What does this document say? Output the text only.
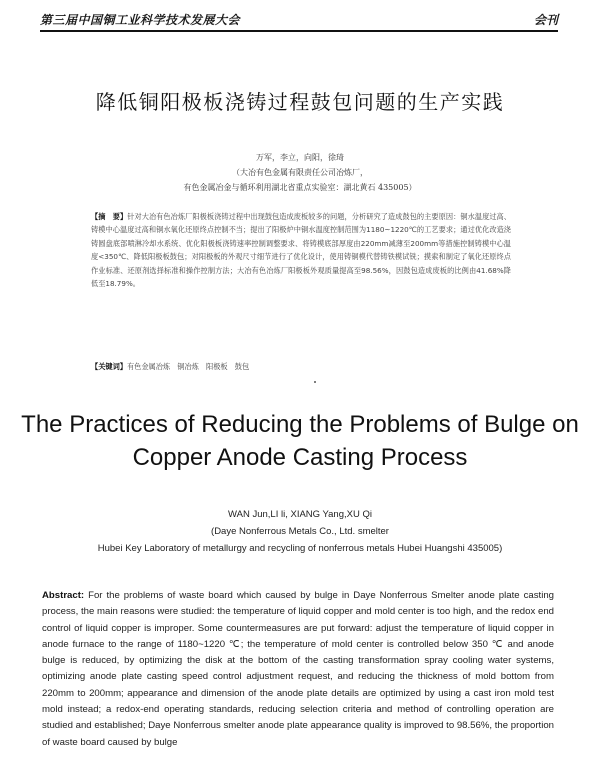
第三届中国铜工业科学技术发展大会	会刊
降低铜阳极板浇铸过程鼓包问题的生产实践
万军，李立，向阳，徐琦
（大冶有色金属有限责任公司冶炼厂，
有色金属冶金与循环利用湖北省重点实验室：湖北黄石 435005）
【摘　要】针对大冶有色冶炼厂阳极板浇铸过程中出现鼓包造成废板较多的问题，分析研究了造成鼓包的主要原因：铜水温度过高、铸模中心温度过高和铜水氧化还原终点控制不当；提出了阳极炉中铜水温度控制范围为1180~1220℃的工艺要求；通过优化改造浇铸圆盘底部喷淋冷却水系统、优化阳极板浇铸速率控制调整要求、将铸模底部厚度由220mm减薄至200mm等措施控制铸模中心温度<350℃、降低阳极板鼓包；对阳极板的外观尺寸细节进行了优化设计，使用铸铜模代替铸铁模试铣；摸索和制定了氧化还原终点作业标准、还原剂选择标准和操作控制方法；大冶有色冶炼厂阳极板外观质量提高至98.56%，因鼓包造成废板的比例由41.68%降低至18.79%。
【关键词】有色金属冶炼　铜冶炼　阳极板　鼓包
The Practices of Reducing the Problems of Bulge on
Copper Anode Casting Process
WAN Jun,LI li, XIANG Yang,XU Qi
(Daye Nonferrous Metals Co., Ltd. smelter
Hubei Key Laboratory of metallurgy and recycling of nonferrous metals Hubei Huangshi 435005)
Abstract: For the problems of waste board which caused by bulge in Daye Nonferrous Smelter anode plate casting process, the main reasons were studied: the temperature of liquid copper and mold center is too high, and the redox end control of liquid copper is improper. Some countermeasures are put forward: adjust the temperature of liquid copper in anode furnace to the range of 1180~1220 ℃; the temperature of mold center is controlled below 350 ℃ and anode bulge is reduced, by optimizing the disk at the bottom of the casting transformation spray cooling water systems, optimizing anode plate casting speed control adjustment request, and reducing the thickness of mold bottom from 220mm to 200mm; appearance and dimension of the anode plate details are optimized by using a cast iron mold test mold instead; a redox-end operating standards, reducing selection criteria and method of controlling operation are studied and established; Daye Nonferrous smelter anode plate appearance quality is improved to 98.56%, the proportion of waste board caused by bulge
